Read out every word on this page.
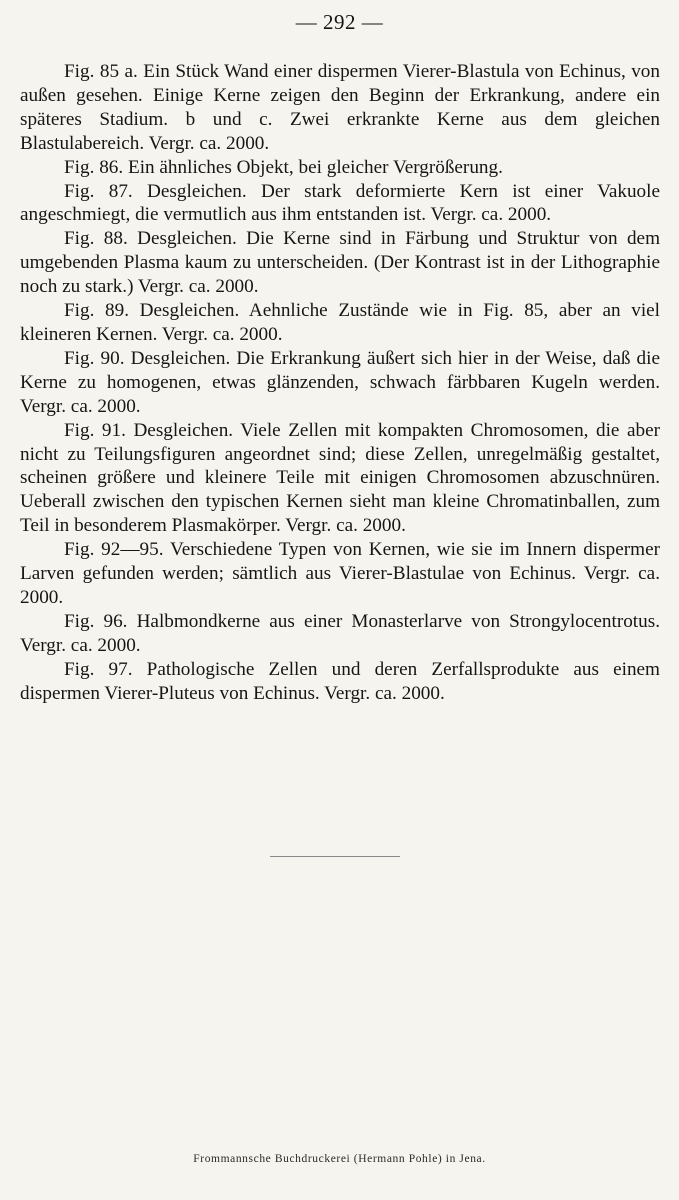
— 292 —

Fig. 85 a. Ein Stück Wand einer dispermen Vierer-Blastula von Echinus, von außen gesehen. Einige Kerne zeigen den Beginn der Erkrankung, andere ein späteres Stadium. b und c. Zwei erkrankte Kerne aus dem gleichen Blastulabereich. Vergr. ca. 2000.

Fig. 86. Ein ähnliches Objekt, bei gleicher Vergrößerung.

Fig. 87. Desgleichen. Der stark deformierte Kern ist einer Vakuole angeschmiegt, die vermutlich aus ihm entstanden ist. Vergr. ca. 2000.

Fig. 88. Desgleichen. Die Kerne sind in Färbung und Struktur von dem umgebenden Plasma kaum zu unterscheiden. (Der Kontrast ist in der Lithographie noch zu stark.) Vergr. ca. 2000.

Fig. 89. Desgleichen. Aehnliche Zustände wie in Fig. 85, aber an viel kleineren Kernen. Vergr. ca. 2000.

Fig. 90. Desgleichen. Die Erkrankung äußert sich hier in der Weise, daß die Kerne zu homogenen, etwas glänzenden, schwach färbbaren Kugeln werden. Vergr. ca. 2000.

Fig. 91. Desgleichen. Viele Zellen mit kompakten Chromosomen, die aber nicht zu Teilungsfiguren angeordnet sind; diese Zellen, unregelmäßig gestaltet, scheinen größere und kleinere Teile mit einigen Chromosomen abzuschnüren. Ueberall zwischen den typischen Kernen sieht man kleine Chromatinballen, zum Teil in besonderem Plasmakörper. Vergr. ca. 2000.

Fig. 92—95. Verschiedene Typen von Kernen, wie sie im Innern dispermer Larven gefunden werden; sämtlich aus Vierer-Blastulae von Echinus. Vergr. ca. 2000.

Fig. 96. Halbmondkerne aus einer Monasterlarve von Strongylocentrotus. Vergr. ca. 2000.

Fig. 97. Pathologische Zellen und deren Zerfallsprodukte aus einem dispermen Vierer-Pluteus von Echinus. Vergr. ca. 2000.

Frommannsche Buchdruckerei (Hermann Pohle) in Jena.
